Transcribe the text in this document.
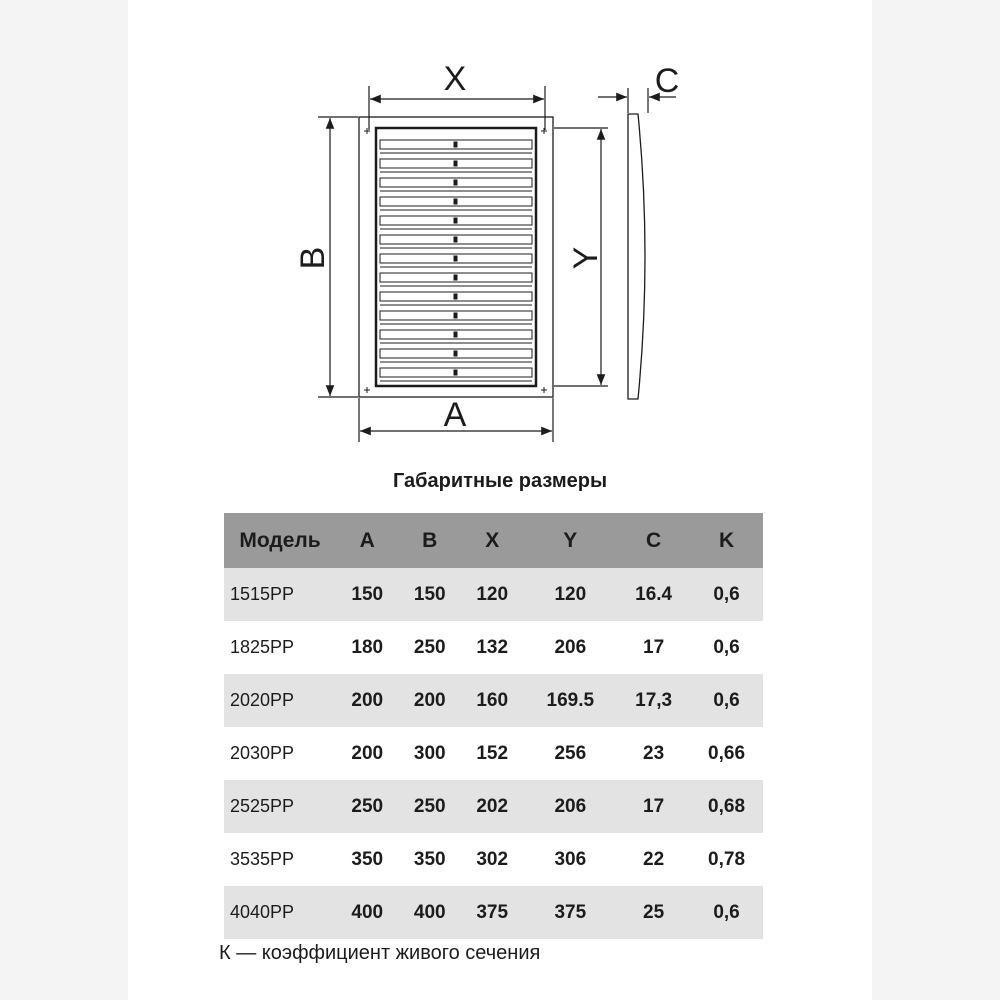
X
A
B	Y
C
Габаритные размеры
Модель	A	B	X	Y	C	K
1515PP	150	150	120	120	16.4	0,6
1825PP	180	250	132	206	17	0,6
2020PP	200	200	160	169.5	17,3	0,6
2030PP	200	300	152	256	23	0,66
2525PP	250	250	202	206	17	0,68
3535PP	350	350	302	306	22	0,78
4040PP	400	400	375	375	25	0,6
К — коэффициент живого сечения
